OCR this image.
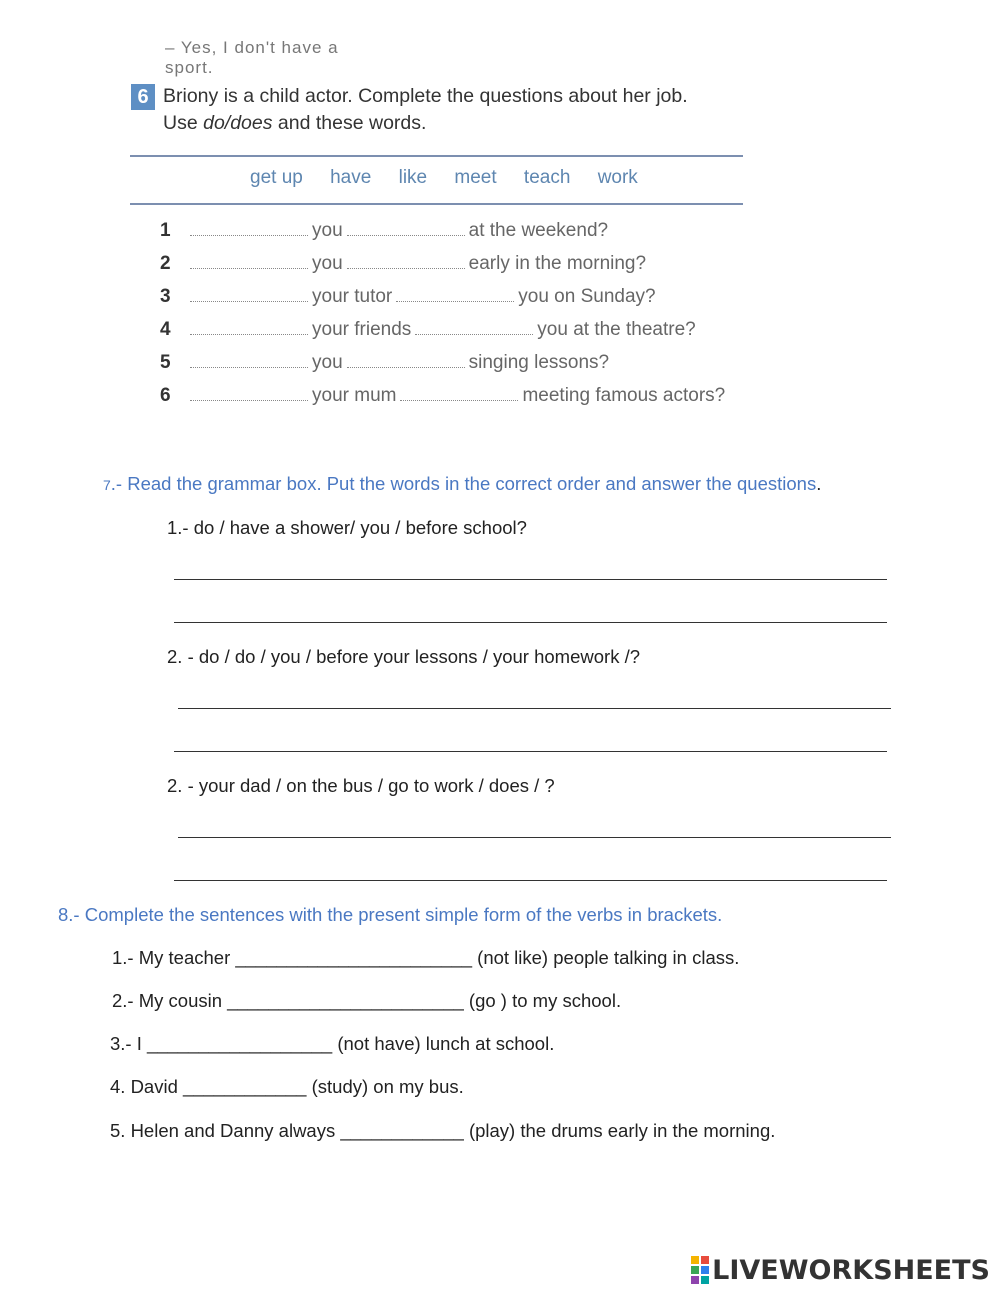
– Yes, I don't have a sport.
6 Briony is a child actor. Complete the questions about her job.
Use do/does and these words.
get up have like meet teach work
1	you	at the weekend?
2	you	early in the morning?
3	your tutor	you on Sunday?
4	your friends	you at the theatre?
5	you	singing lessons?
6	your mum	meeting famous actors?
7.- Read the grammar box. Put the words in the correct order and answer the questions.
1.- do / have a shower/ you / before school?
2. - do / do / you / before your lessons / your homework /?
2. - your dad / on the bus / go to work / does / ?
8.- Complete the sentences with the present simple form of the verbs in brackets.
1.- My teacher _______________________ (not like) people talking in class.
2.- My cousin _______________________ (go ) to my school.
3.- I __________________ (not have) lunch at school.
4. David ____________ (study) on my bus.
5. Helen and Danny always ____________ (play) the drums early in the morning.
LIVEWORKSHEETS
